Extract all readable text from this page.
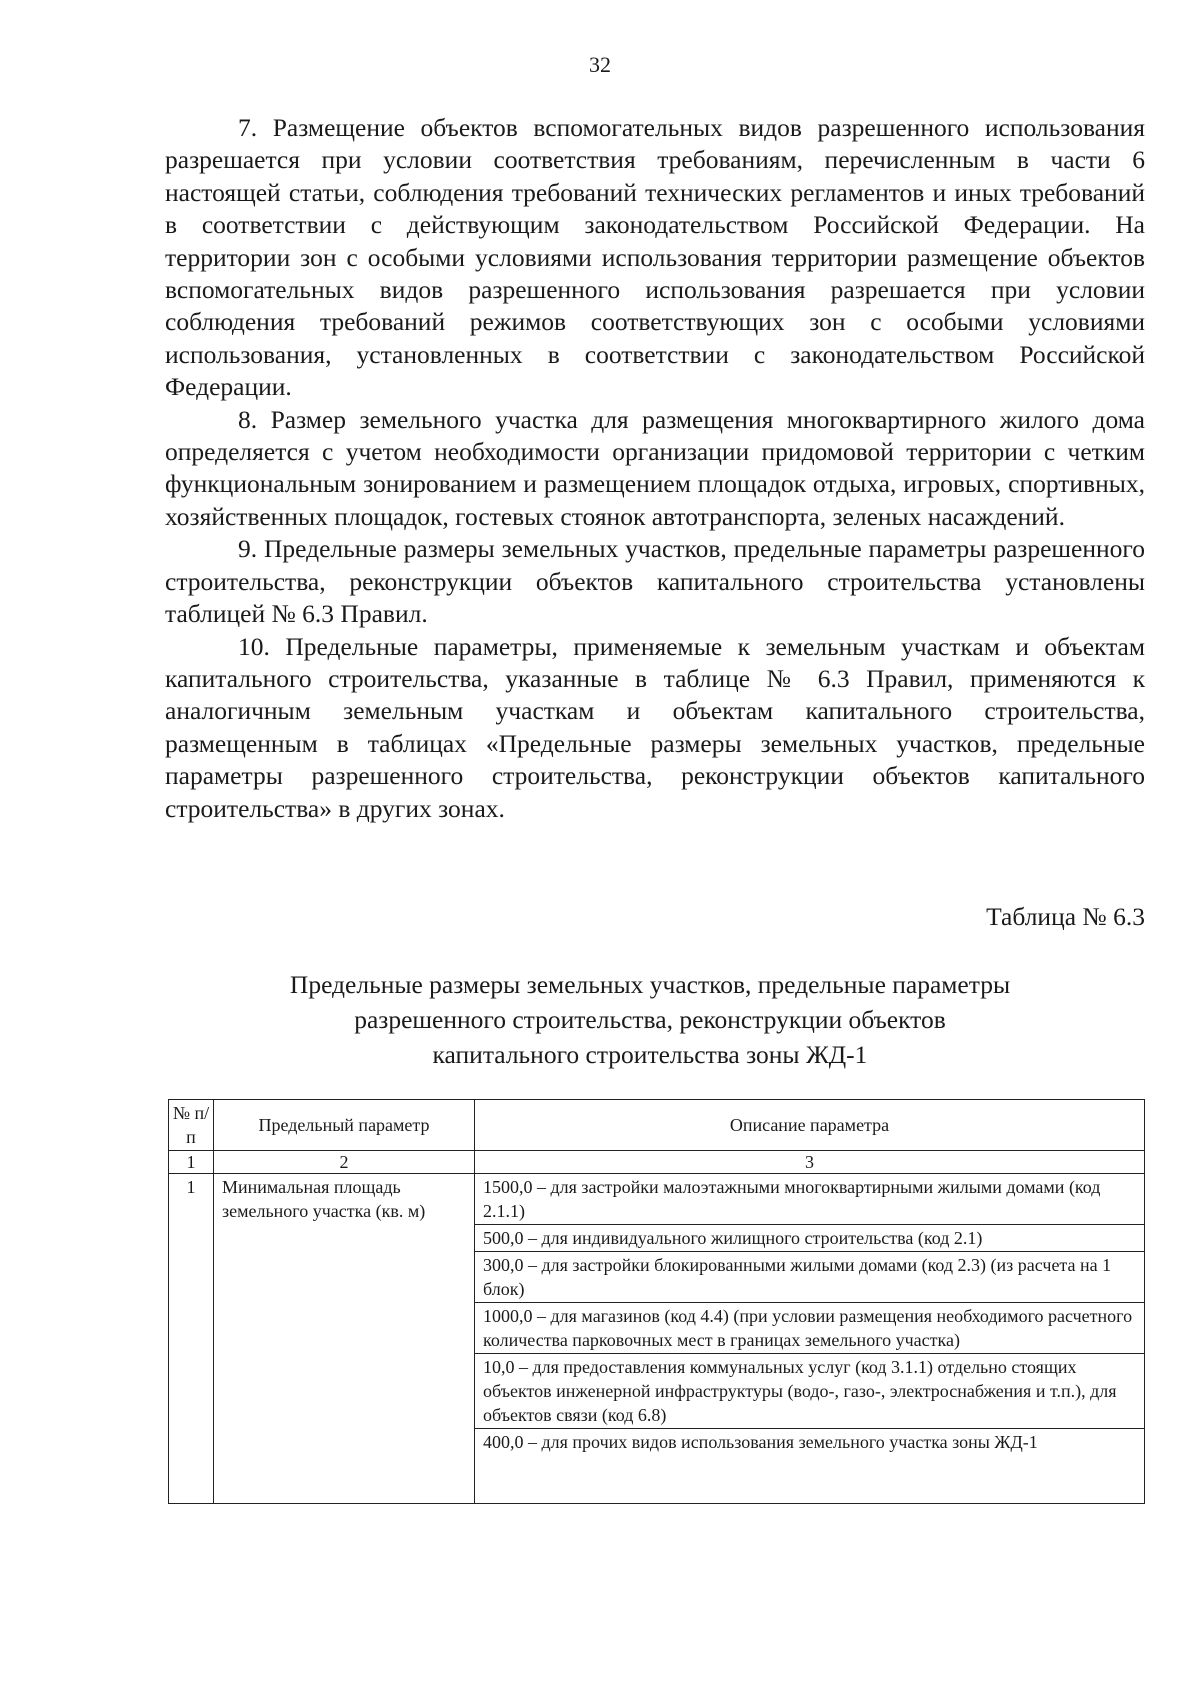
32

7. Размещение объектов вспомогательных видов разрешенного использования разрешается при условии соответствия требованиям, перечисленным в части 6 настоящей статьи, соблюдения требований технических регламентов и иных требований в соответствии с действующим законодательством Российской Федерации. На территории зон с особыми условиями использования территории размещение объектов вспомогательных видов разрешенного использования разрешается при условии соблюдения требований режимов соответствующих зон с особыми условиями использования, установленных в соответствии с законодательством Российской Федерации.

8. Размер земельного участка для размещения многоквартирного жилого дома определяется с учетом необходимости организации придомовой территории с четким функциональным зонированием и размещением площадок отдыха, игровых, спортивных, хозяйственных площадок, гостевых стоянок автотранспорта, зеленых насаждений.

9. Предельные размеры земельных участков, предельные параметры разрешенного строительства, реконструкции объектов капитального строительства установлены таблицей № 6.3 Правил.

10. Предельные параметры, применяемые к земельным участкам и объектам капитального строительства, указанные в таблице № 6.3 Правил, применяются к аналогичным земельным участкам и объектам капитального строительства, размещенным в таблицах «Предельные размеры земельных участков, предельные параметры разрешенного строительства, реконструкции объектов капитального строительства» в других зонах.

Таблица № 6.3
Предельные размеры земельных участков, предельные параметры
разрешенного строительства, реконструкции объектов
капитального строительства зоны ЖД-1
№ п/п	Предельный параметр	Описание параметра
1	2	3
1	Минимальная площадь земельного участка (кв. м)	1500,0 – для застройки малоэтажными многоквартирными жилыми домами (код 2.1.1)
		500,0 – для индивидуального жилищного строительства (код 2.1)
		300,0 – для застройки блокированными жилыми домами (код 2.3) (из расчета на 1 блок)
		1000,0 – для магазинов (код 4.4) (при условии размещения необходимого расчетного количества парковочных мест в границах земельного участка)
		10,0 – для предоставления коммунальных услуг (код 3.1.1) отдельно стоящих объектов инженерной инфраструктуры (водо-, газо-, электроснабжения и т.п.), для объектов связи (код 6.8)
		400,0 – для прочих видов использования земельного участка зоны ЖД-1
